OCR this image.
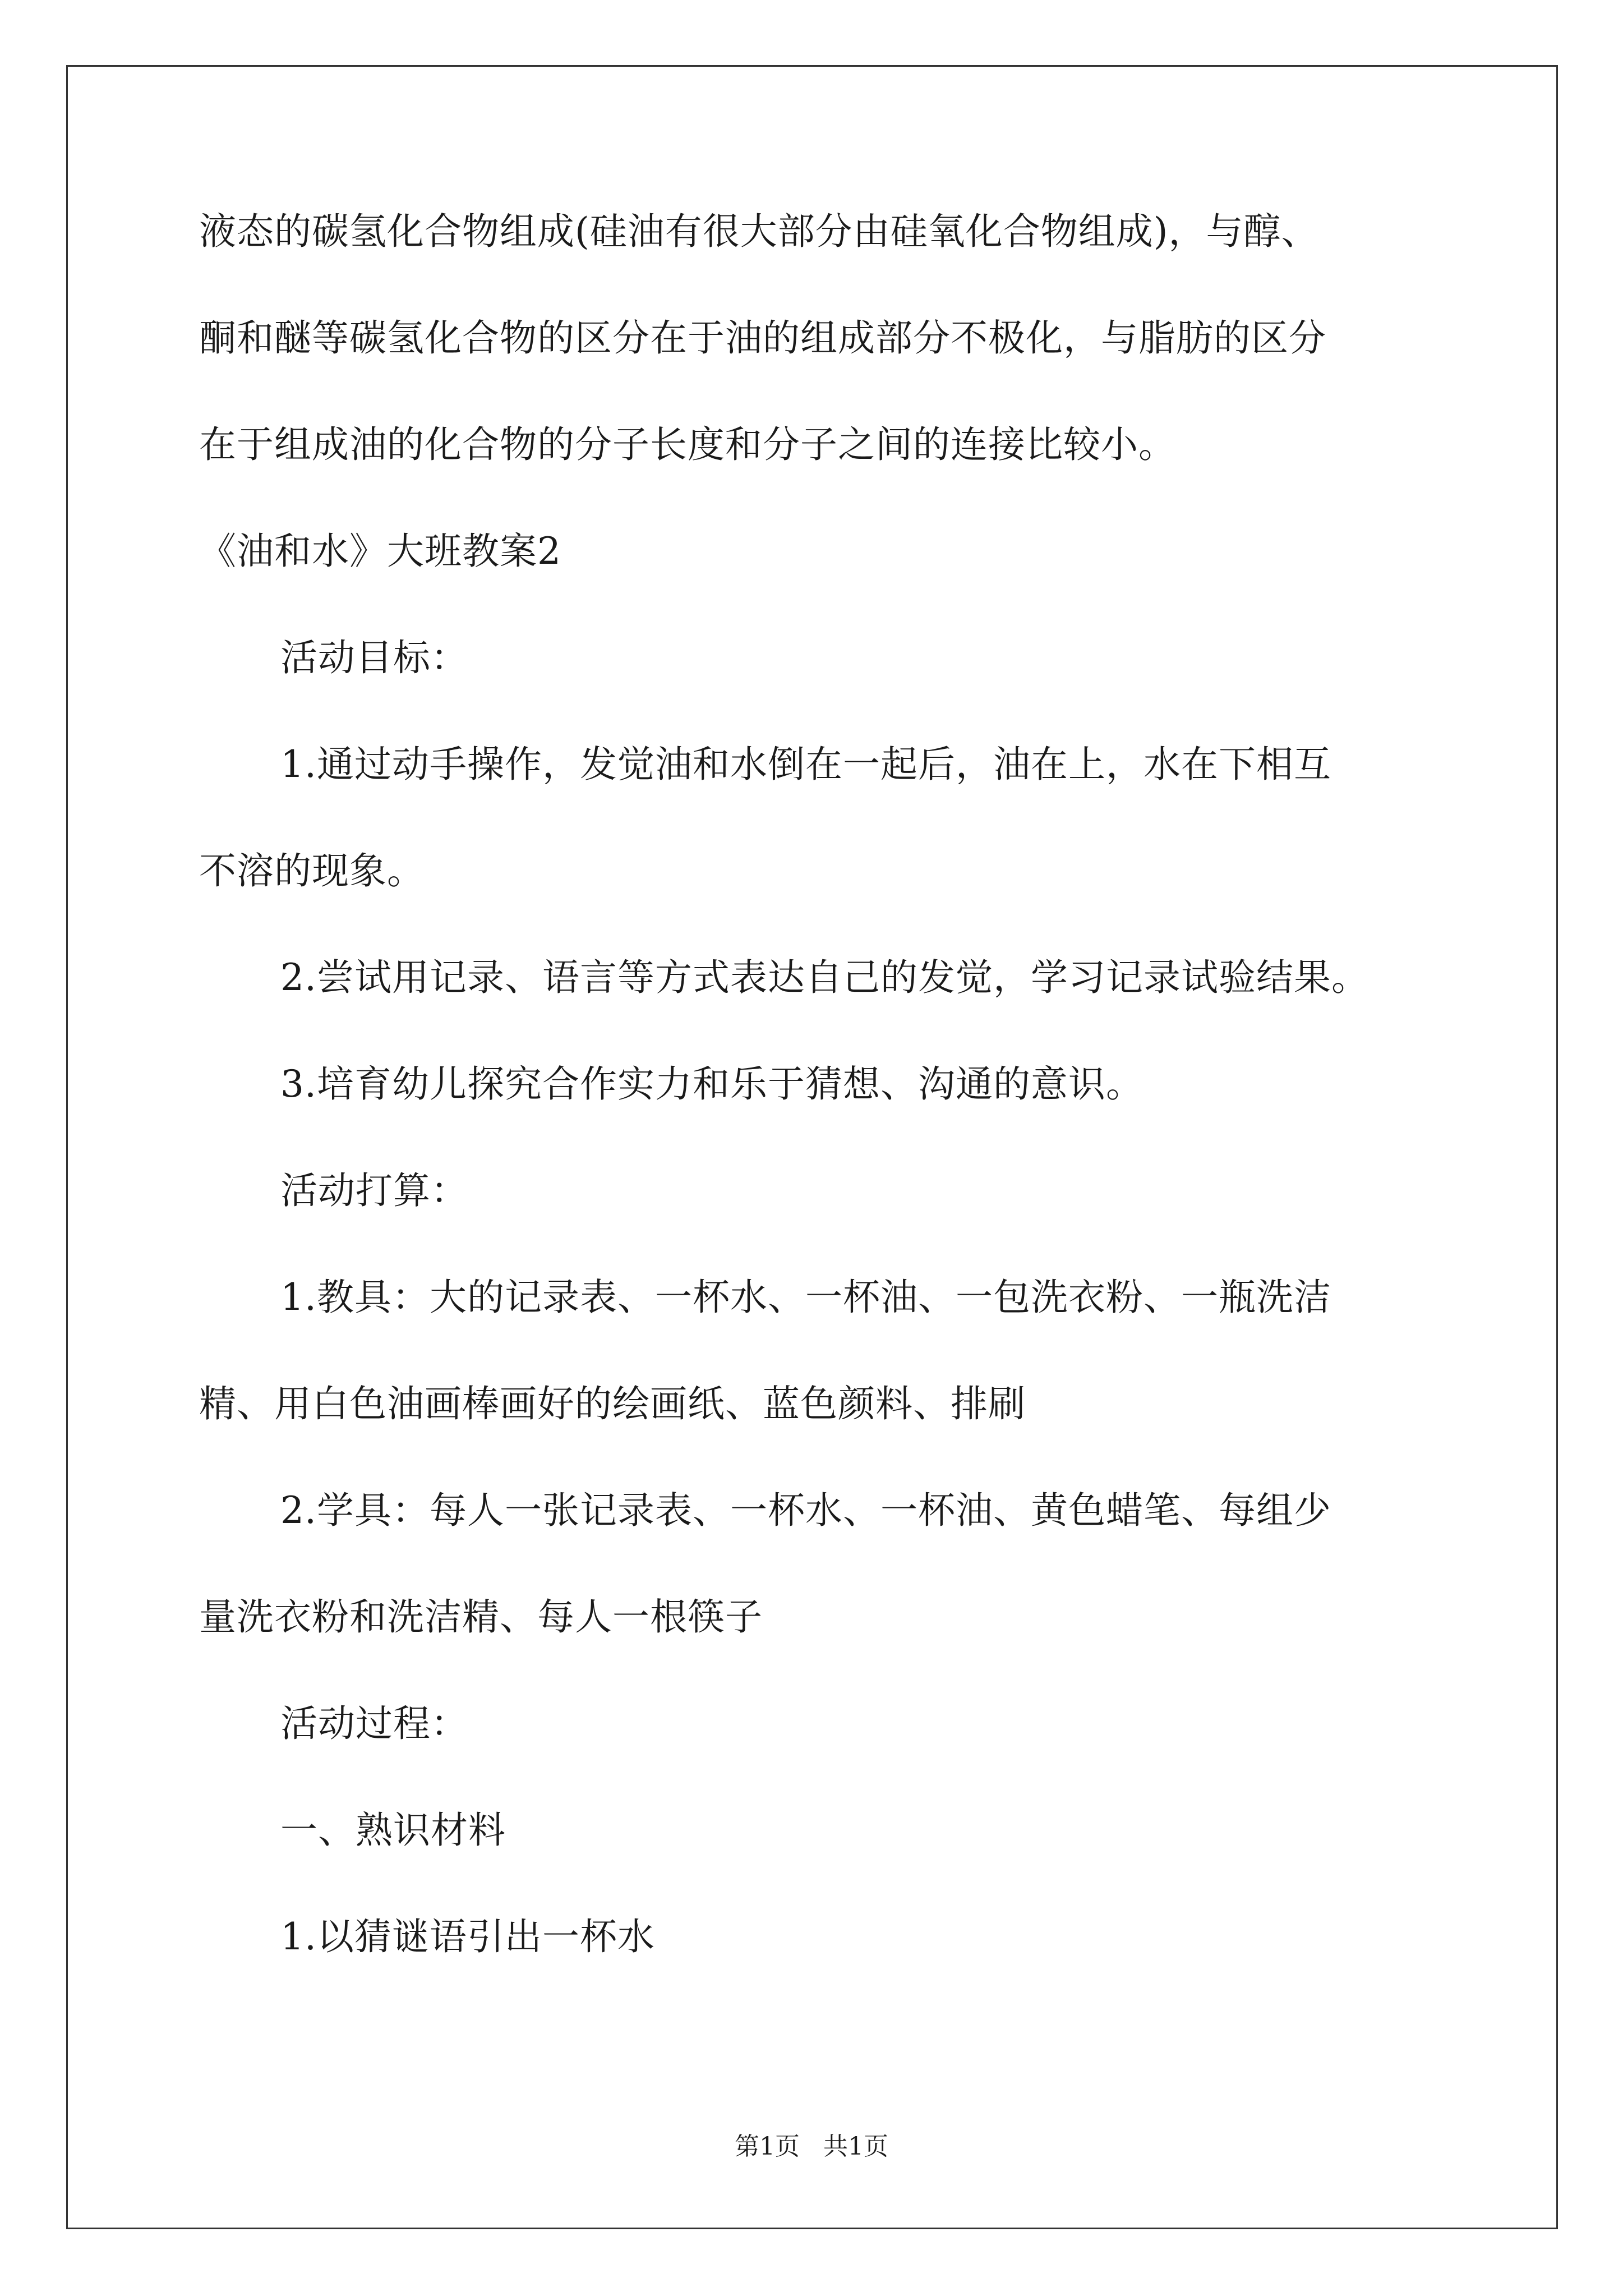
液态的碳氢化合物组成(硅油有很大部分由硅氧化合物组成)，与醇、
酮和醚等碳氢化合物的区分在于油的组成部分不极化，与脂肪的区分
在于组成油的化合物的分子长度和分子之间的连接比较小。
《油和水》大班教案2
活动目标：
1.通过动手操作，发觉油和水倒在一起后，油在上，水在下相互
不溶的现象。
2.尝试用记录、语言等方式表达自己的发觉，学习记录试验结果。
3.培育幼儿探究合作实力和乐于猜想、沟通的意识。
活动打算：
1.教具：大的记录表、一杯水、一杯油、一包洗衣粉、一瓶洗洁
精、用白色油画棒画好的绘画纸、蓝色颜料、排刷
2.学具：每人一张记录表、一杯水、一杯油、黄色蜡笔、每组少
量洗衣粉和洗洁精、每人一根筷子
活动过程：
一、熟识材料
1.以猜谜语引出一杯水
第1页   共1页
